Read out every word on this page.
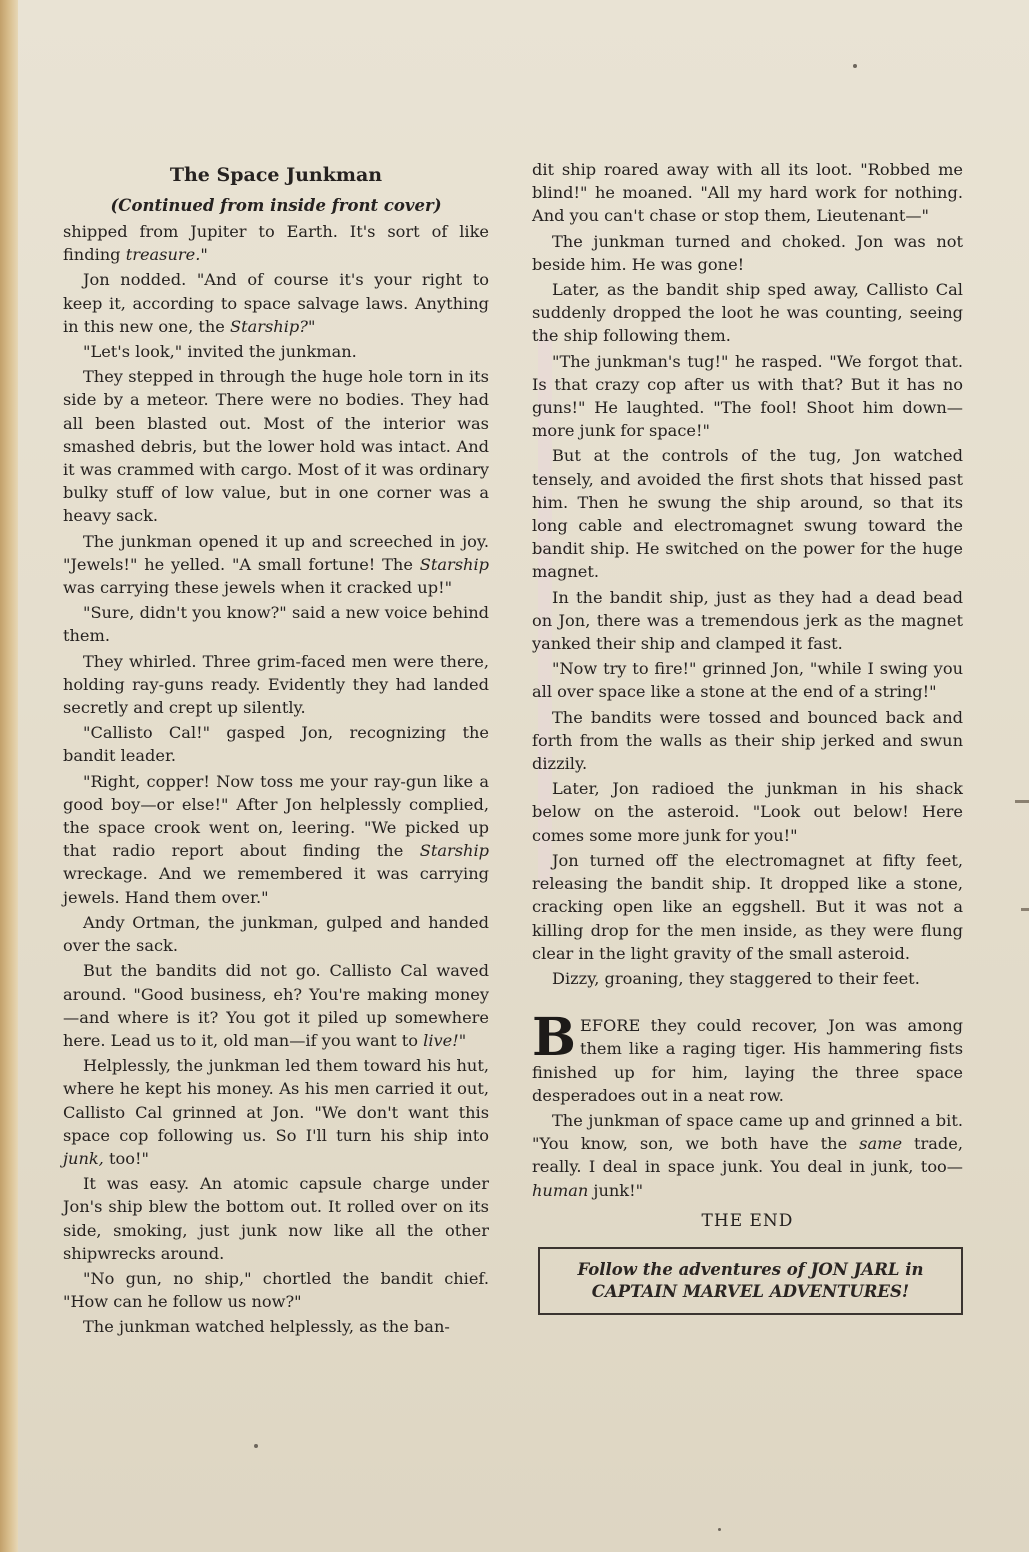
The Space Junkman
(Continued from inside front cover)

shipped from Jupiter to Earth. It's sort of like finding treasure."

Jon nodded. "And of course it's your right to keep it, according to space salvage laws. Anything in this new one, the Starship?"

"Let's look," invited the junkman.

They stepped in through the huge hole torn in its side by a meteor. There were no bodies. They had all been blasted out. Most of the interior was smashed debris, but the lower hold was intact. And it was crammed with cargo. Most of it was ordinary bulky stuff of low value, but in one corner was a heavy sack.

The junkman opened it up and screeched in joy. "Jewels!" he yelled. "A small fortune! The Starship was carrying these jewels when it cracked up!"

"Sure, didn't you know?" said a new voice behind them.

They whirled. Three grim-faced men were there, holding ray-guns ready. Evidently they had landed secretly and crept up silently.

"Callisto Cal!" gasped Jon, recognizing the bandit leader.

"Right, copper! Now toss me your ray-gun like a good boy—or else!" After Jon helplessly complied, the space crook went on, leering. "We picked up that radio report about finding the Starship wreckage. And we remembered it was carrying jewels. Hand them over."

Andy Ortman, the junkman, gulped and handed over the sack.

But the bandits did not go. Callisto Cal waved around. "Good business, eh? You're making money—and where is it? You got it piled up somewhere here. Lead us to it, old man—if you want to live!"

Helplessly, the junkman led them toward his hut, where he kept his money. As his men carried it out, Callisto Cal grinned at Jon. "We don't want this space cop following us. So I'll turn his ship into junk, too!"

It was easy. An atomic capsule charge under Jon's ship blew the bottom out. It rolled over on its side, smoking, just junk now like all the other shipwrecks around.

"No gun, no ship," chortled the bandit chief. "How can he follow us now?"

The junkman watched helplessly, as the ban-

dit ship roared away with all its loot. "Robbed me blind!" he moaned. "All my hard work for nothing. And you can't chase or stop them, Lieutenant—"

The junkman turned and choked. Jon was not beside him. He was gone!

Later, as the bandit ship sped away, Callisto Cal suddenly dropped the loot he was counting, seeing the ship following them.

"The junkman's tug!" he rasped. "We forgot that. Is that crazy cop after us with that? But it has no guns!" He laughted. "The fool! Shoot him down—more junk for space!"

But at the controls of the tug, Jon watched tensely, and avoided the first shots that hissed past him. Then he swung the ship around, so that its long cable and electromagnet swung toward the bandit ship. He switched on the power for the huge magnet.

In the bandit ship, just as they had a dead bead on Jon, there was a tremendous jerk as the magnet yanked their ship and clamped it fast.

"Now try to fire!" grinned Jon, "while I swing you all over space like a stone at the end of a string!"

The bandits were tossed and bounced back and forth from the walls as their ship jerked and swun dizzily.

Later, Jon radioed the junkman in his shack below on the asteroid. "Look out below! Here comes some more junk for you!"

Jon turned off the electromagnet at fifty feet, releasing the bandit ship. It dropped like a stone, cracking open like an eggshell. But it was not a killing drop for the men inside, as they were flung clear in the light gravity of the small asteroid.

Dizzy, groaning, they staggered to their feet.

BEFORE they could recover, Jon was among them like a raging tiger. His hammering fists finished up for him, laying the three space desperadoes out in a neat row.

The junkman of space came up and grinned a bit. "You know, son, we both have the same trade, really. I deal in space junk. You deal in junk, too—human junk!"

THE END
Follow the adventures of JON JARL in
CAPTAIN MARVEL ADVENTURES!
